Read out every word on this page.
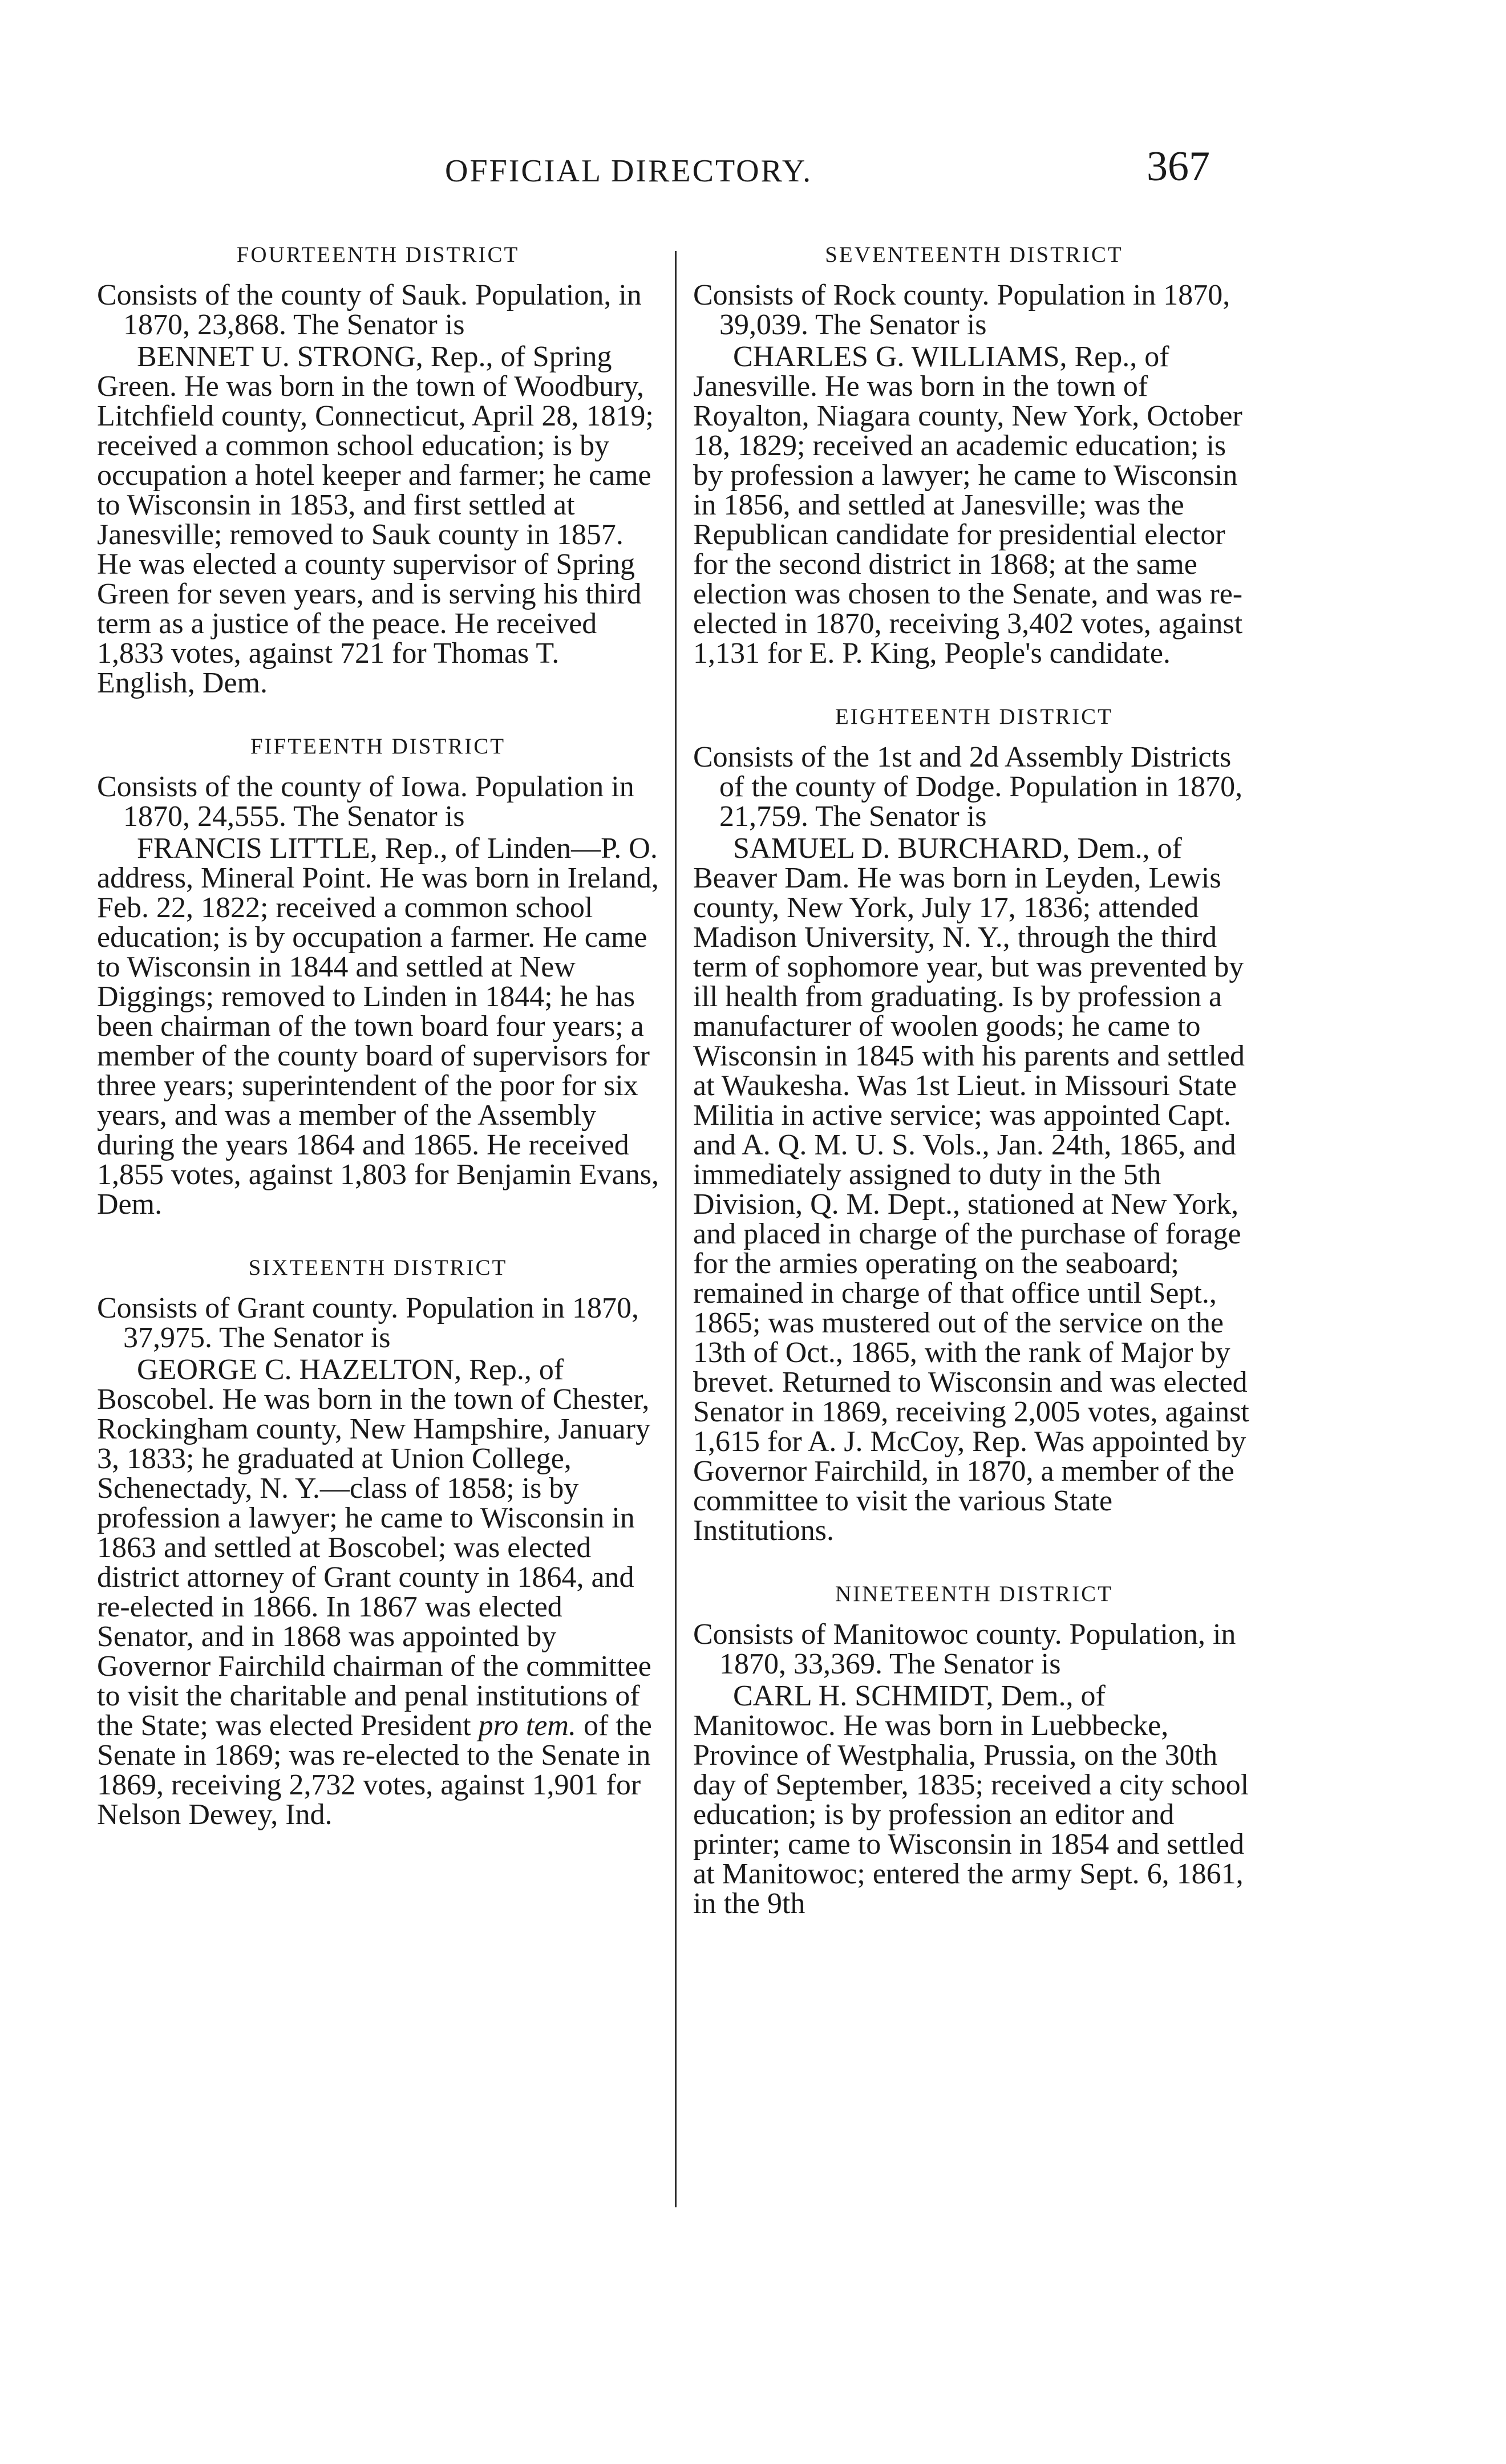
OFFICIAL DIRECTORY.	367
FOURTEENTH DISTRICT

Consists of the county of Sauk. Population, in 1870, 23,868. The Senator is

BENNET U. STRONG, Rep., of Spring Green. He was born in the town of Woodbury, Litchfield county, Connecticut, April 28, 1819; received a common school education; is by occupation a hotel keeper and farmer; he came to Wisconsin in 1853, and first settled at Janesville; removed to Sauk county in 1857. He was elected a county supervisor of Spring Green for seven years, and is serving his third term as a justice of the peace. He received 1,833 votes, against 721 for Thomas T. English, Dem.

FIFTEENTH DISTRICT

Consists of the county of Iowa. Population in 1870, 24,555. The Senator is

FRANCIS LITTLE, Rep., of Linden—P. O. address, Mineral Point. He was born in Ireland, Feb. 22, 1822; received a common school education; is by occupation a farmer. He came to Wisconsin in 1844 and settled at New Diggings; removed to Linden in 1844; he has been chairman of the town board four years; a member of the county board of supervisors for three years; superintendent of the poor for six years, and was a member of the Assembly during the years 1864 and 1865. He received 1,855 votes, against 1,803 for Benjamin Evans, Dem.

SIXTEENTH DISTRICT

Consists of Grant county. Population in 1870, 37,975. The Senator is

GEORGE C. HAZELTON, Rep., of Boscobel. He was born in the town of Chester, Rockingham county, New Hampshire, January 3, 1833; he graduated at Union College, Schenectady, N. Y.—class of 1858; is by profession a lawyer; he came to Wisconsin in 1863 and settled at Boscobel; was elected district attorney of Grant county in 1864, and re-elected in 1866. In 1867 was elected Senator, and in 1868 was appointed by Governor Fairchild chairman of the committee to visit the charitable and penal institutions of the State; was elected President pro tem. of the Senate in 1869; was re-elected to the Senate in 1869, receiving 2,732 votes, against 1,901 for Nelson Dewey, Ind.

SEVENTEENTH DISTRICT

Consists of Rock county. Population in 1870, 39,039. The Senator is

CHARLES G. WILLIAMS, Rep., of Janesville. He was born in the town of Royalton, Niagara county, New York, October 18, 1829; received an academic education; is by profession a lawyer; he came to Wisconsin in 1856, and settled at Janesville; was the Republican candidate for presidential elector for the second district in 1868; at the same election was chosen to the Senate, and was re-elected in 1870, receiving 3,402 votes, against 1,131 for E. P. King, People's candidate.

EIGHTEENTH DISTRICT

Consists of the 1st and 2d Assembly Districts of the county of Dodge. Population in 1870, 21,759. The Senator is

SAMUEL D. BURCHARD, Dem., of Beaver Dam. He was born in Leyden, Lewis county, New York, July 17, 1836; attended Madison University, N. Y., through the third term of sophomore year, but was prevented by ill health from graduating. Is by profession a manufacturer of woolen goods; he came to Wisconsin in 1845 with his parents and settled at Waukesha. Was 1st Lieut. in Missouri State Militia in active service; was appointed Capt. and A. Q. M. U. S. Vols., Jan. 24th, 1865, and immediately assigned to duty in the 5th Division, Q. M. Dept., stationed at New York, and placed in charge of the purchase of forage for the armies operating on the seaboard; remained in charge of that office until Sept., 1865; was mustered out of the service on the 13th of Oct., 1865, with the rank of Major by brevet. Returned to Wisconsin and was elected Senator in 1869, receiving 2,005 votes, against 1,615 for A. J. McCoy, Rep. Was appointed by Governor Fairchild, in 1870, a member of the committee to visit the various State Institutions.

NINETEENTH DISTRICT

Consists of Manitowoc county. Population, in 1870, 33,369. The Senator is

CARL H. SCHMIDT, Dem., of Manitowoc. He was born in Luebbecke, Province of Westphalia, Prussia, on the 30th day of September, 1835; received a city school education; is by profession an editor and printer; came to Wisconsin in 1854 and settled at Manitowoc; entered the army Sept. 6, 1861, in the 9th
